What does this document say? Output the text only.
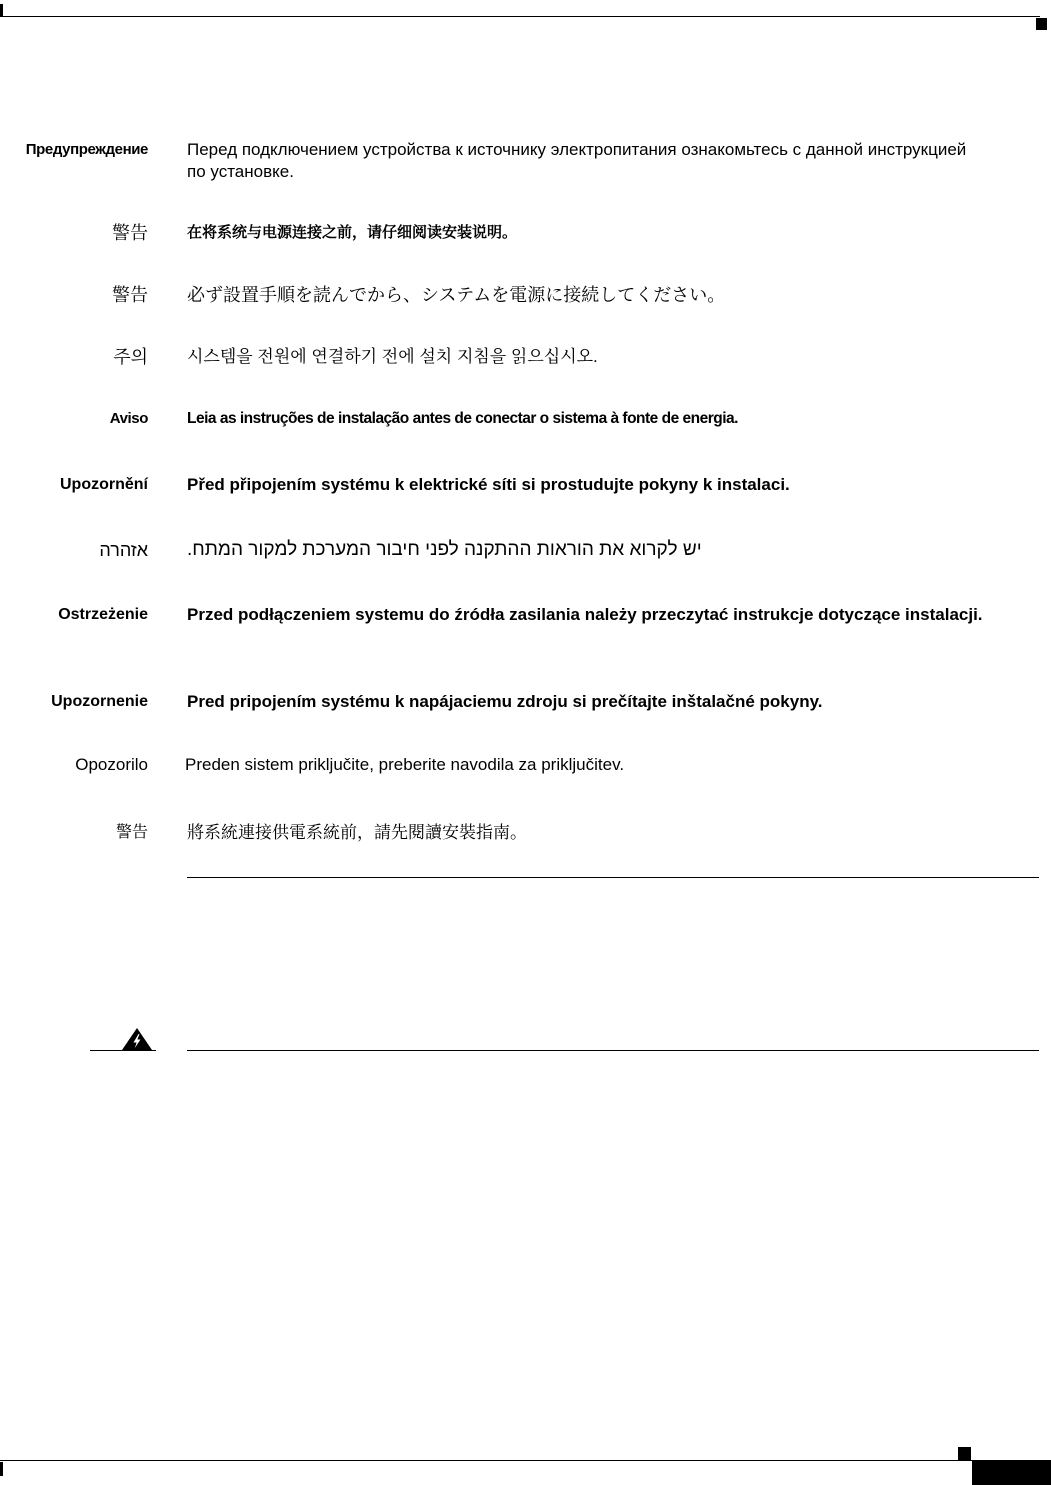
Предупреждение Перед подключением устройства к источнику электропитания ознакомьтесь с данной инструкцией по установке.
警告	在将系统与电源连接之前，请仔细阅读安装说明。
警告 必ず設置手順を読んでから、システムを電源に接続してください。
주의 시스템을 전원에 연결하기 전에 설치 지침을 읽으십시오.
Aviso	Leia as instruções de instalação antes de conectar o sistema à fonte de energia.
Upozornění Před připojením systému k elektrické síti si prostudujte pokyny k instalaci.
אזהרה יש לקרוא את הוראות ההתקנה לפני חיבור המערכת למקור המתח.
Ostrzeżenie Przed podłączeniem systemu do źródła zasilania należy przeczytać instrukcje dotyczące instalacji.
Upozornenie Pred pripojením systému k napájaciemu zdroju si prečítajte inštalačné pokyny.
Opozorilo Preden sistem priključite, preberite navodila za priključitev.
警告 將系統連接供電系統前，請先閱讀安裝指南。
